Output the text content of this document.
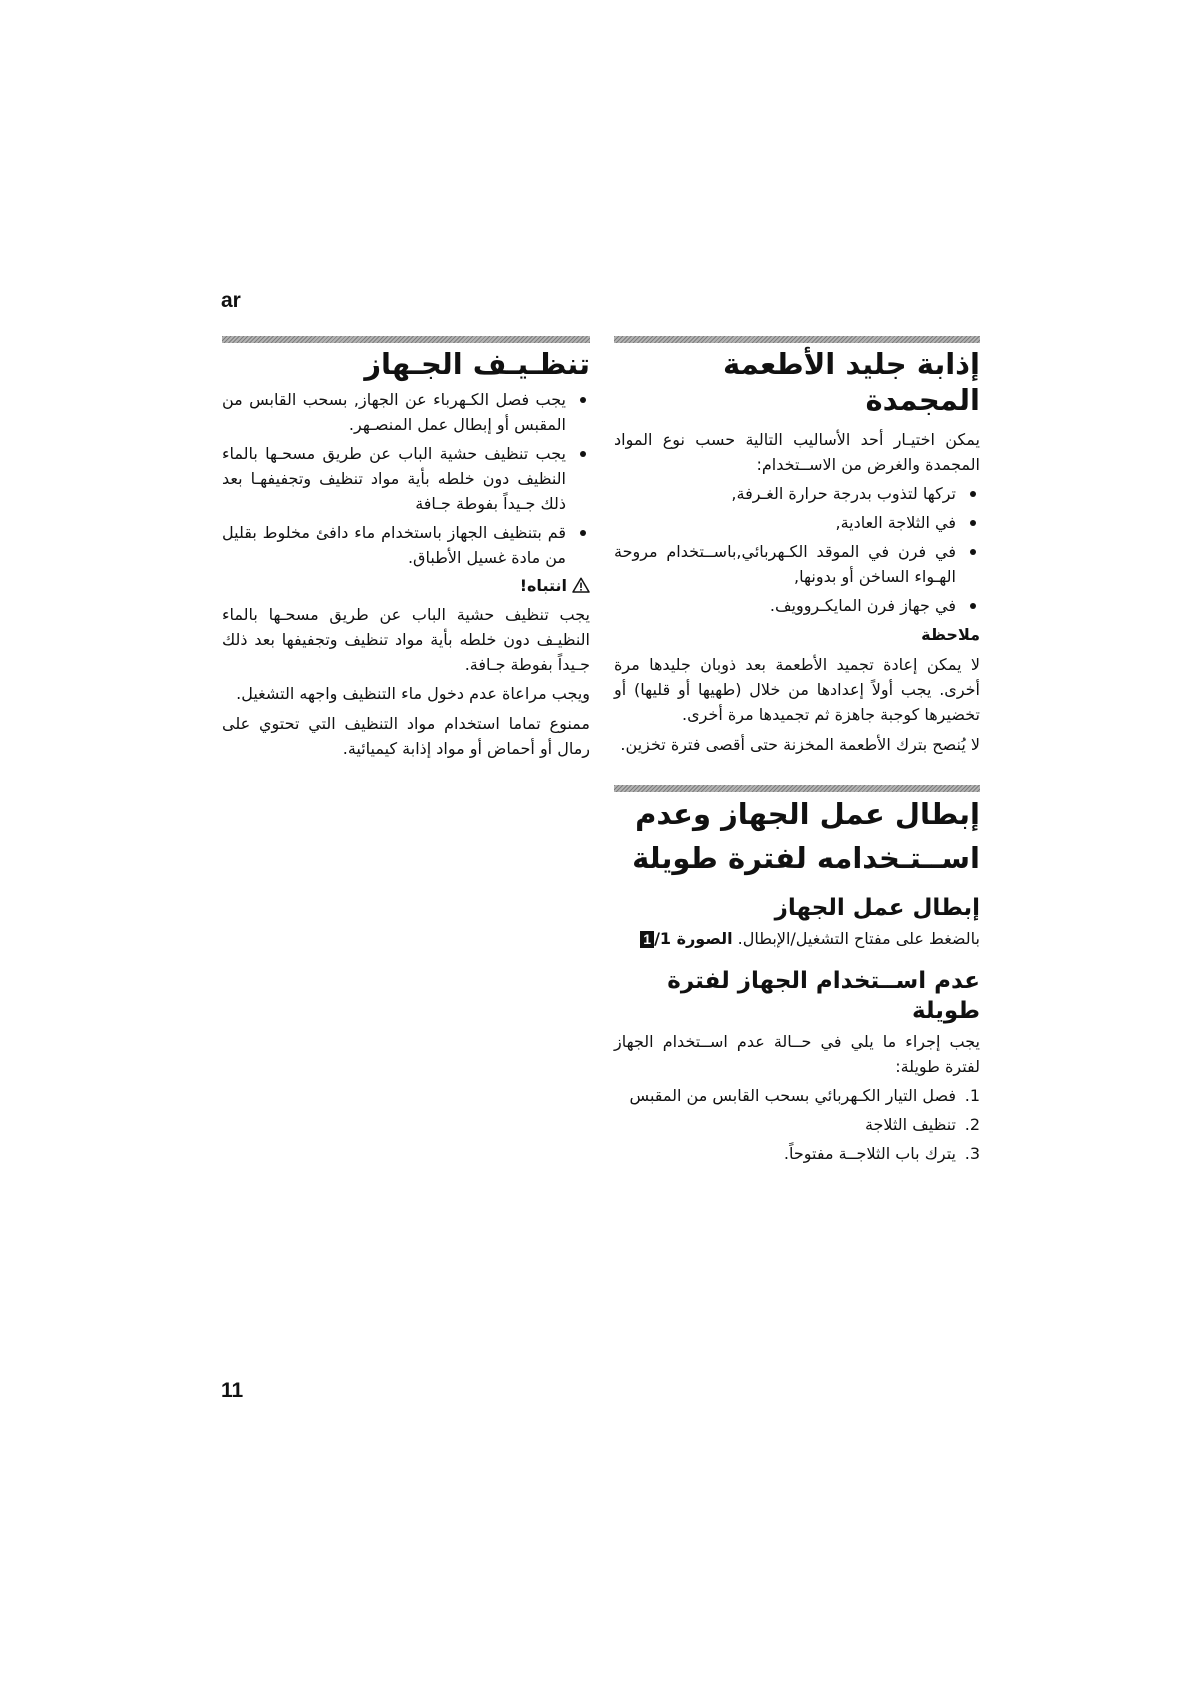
ar
إذابة جليد الأطعمة المجمدة

يمكن اختيـار أحد الأساليب التالية حسب نوع المواد المجمدة والغرض من الاســتخدام:

تركها لتذوب بدرجة حرارة الغـرفة,
في الثلاجة العادية,
في فرن في الموقد الكـهربائي,باســتخدام مروحة الهـواء الساخن أو بدونها,
في جهاز فرن المايكـروويف.
ملاحظة

لا يمكن إعادة تجميد الأطعمة بعد ذوبان جليدها مرة أخرى. يجب أولاً إعدادها من خلال (طهيها أو قليها) أو تخضيرها كوجبة جاهزة ثم تجميدها مرة أخرى.

لا يُنصح بترك الأطعمة المخزنة حتى أقصى فترة تخزين.

إبطال عمل الجهاز وعدم اســتـخدامه لفترة طويلة
إبطال عمل الجهاز

بالضغط على مفتاح التشغيل/الإبطال. الصورة 1 /1

عدم اســتخدام الجهاز لفترة طويلة

يجب إجراء ما يلي في حــالة عدم اســتخدام الجهاز لفترة طويلة:

1.
فصل التيار الكـهربائي بسحب القابس من المقبس
2.
تنظيف الثلاجة
3.
يترك باب الثلاجــة مفتوحاً.
تنظـيـف الجـهاز
يجب فصل الكـهرباء عن الجهاز, بسحب القابس من المقبس أو إبطال عمل المنصـهر.
يجب تنظيف حشية الباب عن طريق مسحـها بالماء النظيف دون خلطه بأية مواد تنظيف وتجفيفهـا بعد ذلك جـيداً بفوطة جـافة
قم بتنظيف الجهاز باستخدام ماء دافئ مخلوط بقليل من مادة غسيل الأطباق.
انتباه!

يجب تنظيف حشية الباب عن طريق مسحـها بالماء النظيـف دون خلطه بأية مواد تنظيف وتجفيفها بعد ذلك جـيداً بفوطة جـافة.

ويجب مراعاة عدم دخول ماء التنظيف واجهه التشغيل.

ممنوع تماما استخدام مواد التنظيف التي تحتوي على رمال أو أحماض أو مواد إذابة كيميائية.

11
